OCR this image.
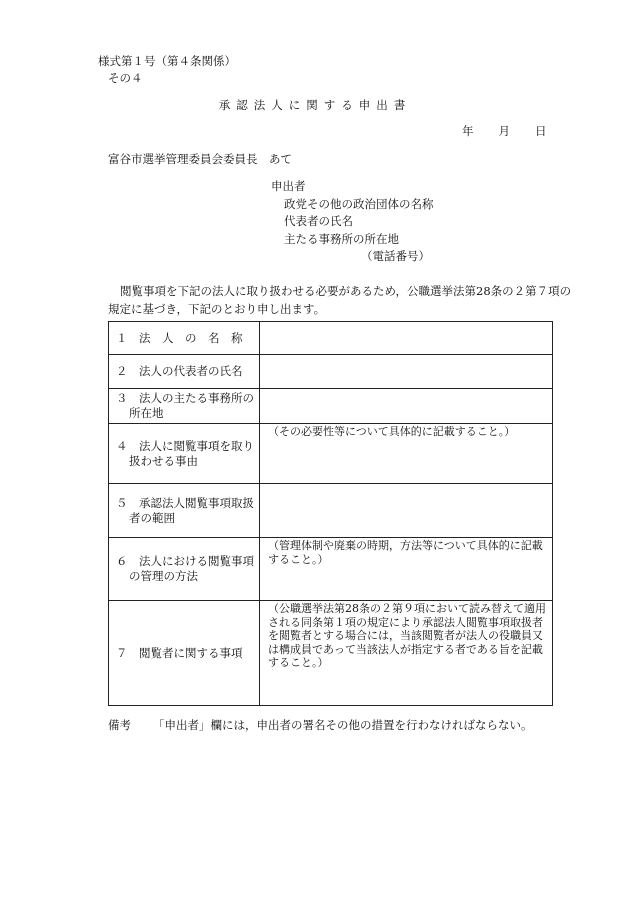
様式第１号（第４条関係）
その４
承認法人に関する申出書
年 月 日
富谷市選挙管理委員会委員長　あて
申出者
政党その他の政治団体の名称
代表者の氏名
主たる事務所の所在地
（電話番号）
閲覧事項を下記の法人に取り扱わせる必要があるため，公職選挙法第28条の２第７項の規定に基づき，下記のとおり申し出ます。
１　法　人　の　名　称	
２　法人の代表者の氏名	

３　法人の主たる事務所の所在地	

４　法人に閲覧事項を取り扱わせる事由	（その必要性等について具体的に記載すること。）

５　承認法人閲覧事項取扱者の範囲	

６　法人における閲覧事項の管理の方法	（管理体制や廃棄の時期，方法等について具体的に記載すること。）
７　閲覧者に関する事項	（公職選挙法第28条の２第９項において読み替えて適用される同条第１項の規定により承認法人閲覧事項取扱者を閲覧者とする場合には，当該閲覧者が法人の役職員又は構成員であって当該法人が指定する者である旨を記載すること。）
備考 「申出者」欄には，申出者の署名その他の措置を行わなければならない。
